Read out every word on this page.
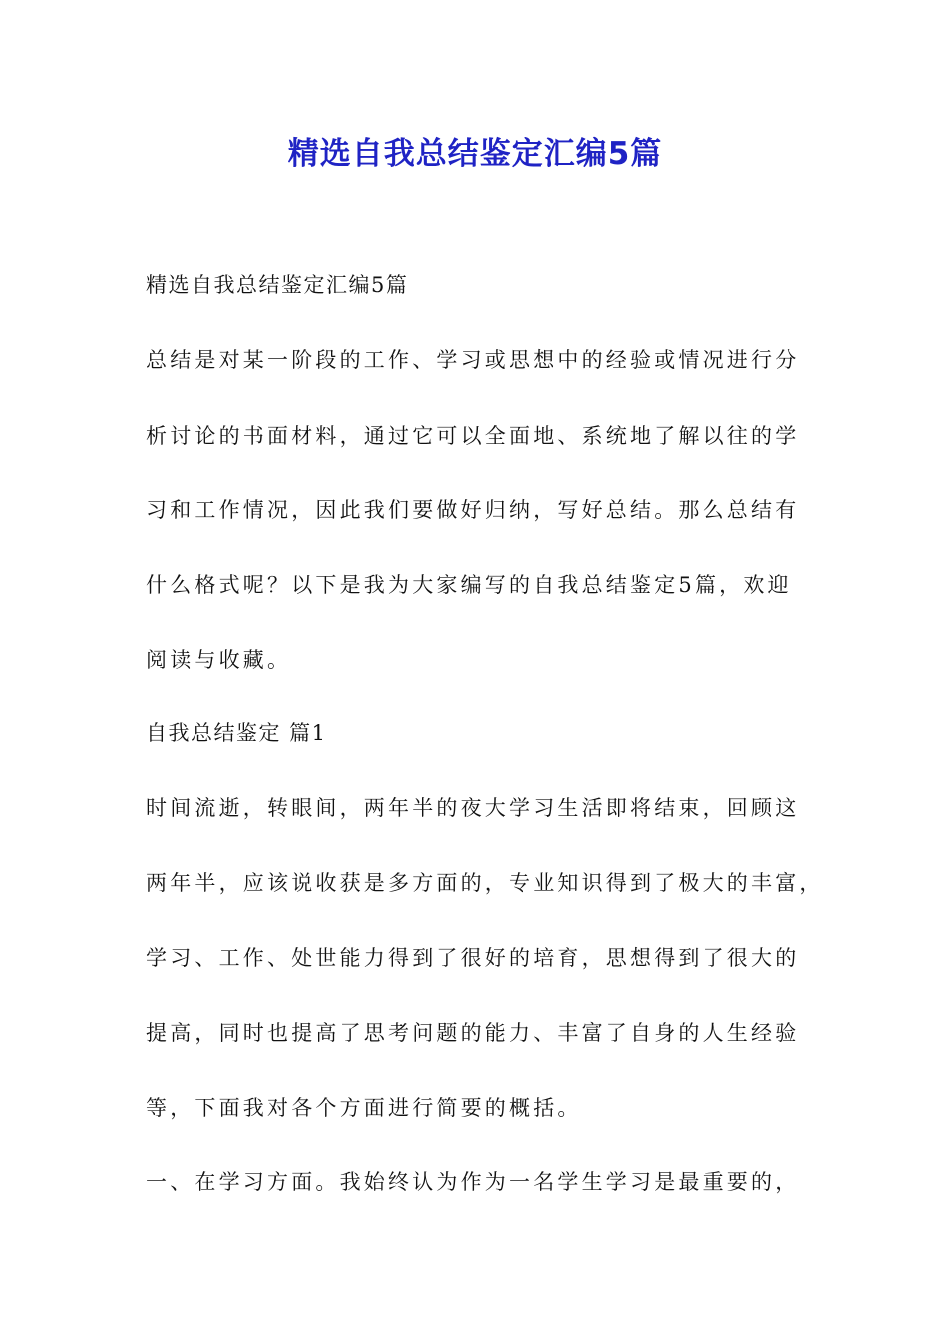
精选自我总结鉴定汇编5篇

精选自我总结鉴定汇编5篇

总结是对某一阶段的工作、学习或思想中的经验或情况进行分

析讨论的书面材料，通过它可以全面地、系统地了解以往的学

习和工作情况，因此我们要做好归纳，写好总结。那么总结有

什么格式呢？以下是我为大家编写的自我总结鉴定5篇，欢迎

阅读与收藏。

自我总结鉴定 篇1

时间流逝，转眼间，两年半的夜大学习生活即将结束，回顾这

两年半，应该说收获是多方面的，专业知识得到了极大的丰富，

学习、工作、处世能力得到了很好的培育，思想得到了很大的

提高，同时也提高了思考问题的能力、丰富了自身的人生经验

等，下面我对各个方面进行简要的概括。

一、在学习方面。我始终认为作为一名学生学习是最重要的，
